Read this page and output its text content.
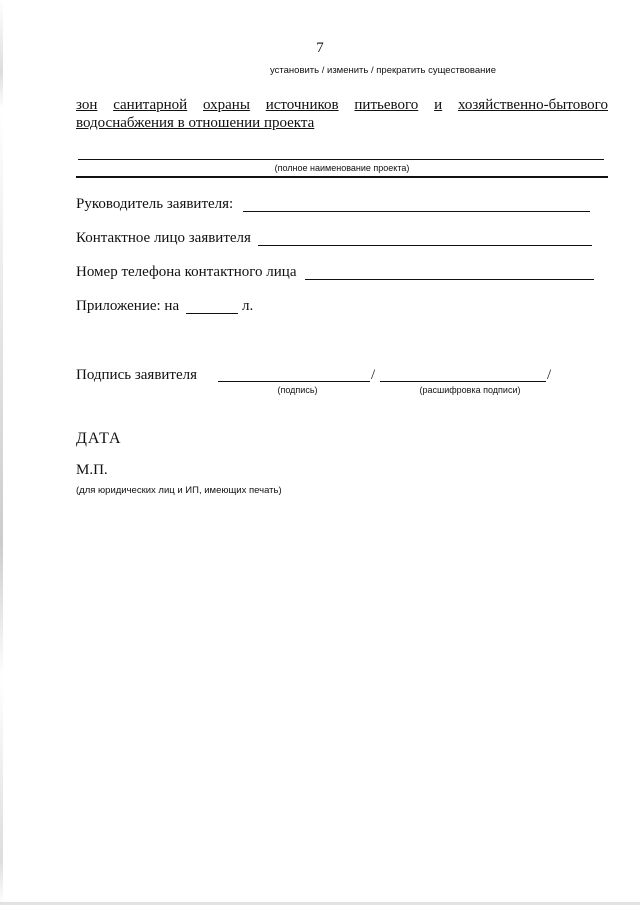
7
установить / изменить / прекратить существование
зон санитарной охраны источников питьевого и хозяйственно-бытового
водоснабжения в отношении проекта
(полное наименование проекта)
Руководитель заявителя:
Контактное лицо заявителя
Номер телефона контактного лица
Приложение: на	л.
Подпись заявителя	/	/
(подпись)	(расшифровка подписи)
ДАТА
М.П.
(для юридических лиц и ИП, имеющих печать)
